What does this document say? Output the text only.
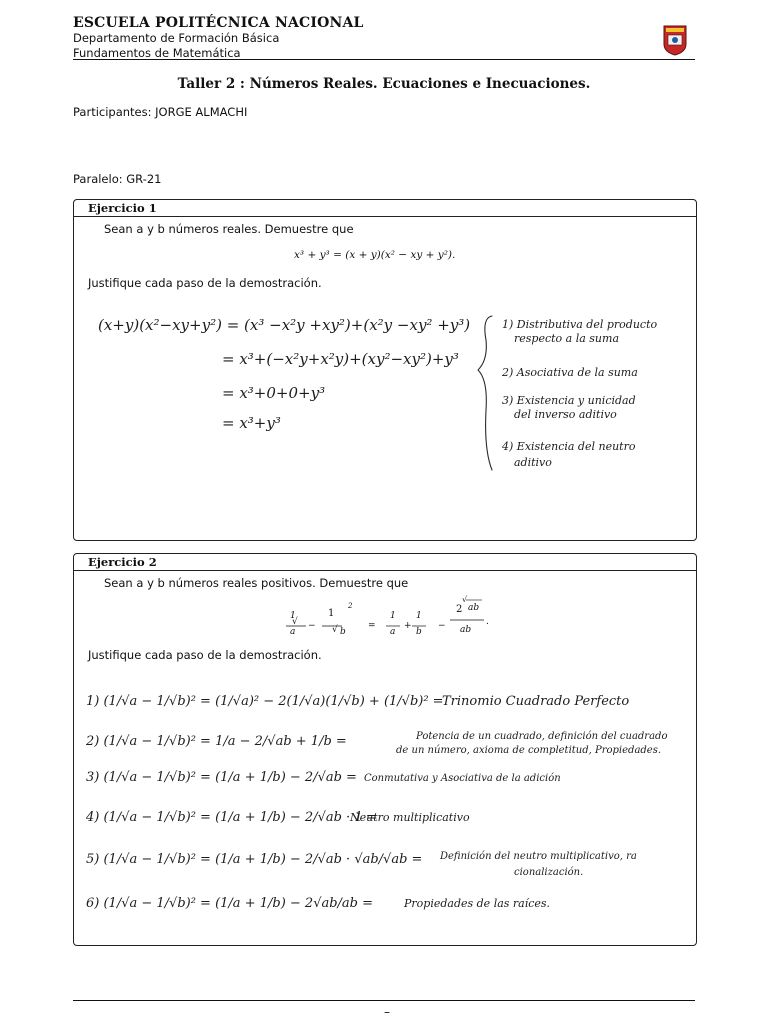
ESCUELA POLITÉCNICA NACIONAL
Departamento de Formación Básica
Fundamentos de Matemática
Taller 2 : Números Reales. Ecuaciones e Inecuaciones.
Participantes: JORGE ALMACHI
Paralelo: GR-21
Ejercicio 1
Sean a y b números reales. Demuestre que
x³ + y³ = (x + y)(x² − xy + y²).
Justifique cada paso de la demostración.
(x+y)(x²−xy+y²) = (x³ −x²y +xy²)+(x²y −xy² +y³)
= x³+(−x²y+x²y)+(xy²−xy²)+y³
= x³+0+0+y³
= x³+y³
1) Distributiva del producto
respecto a la suma
2) Asociativa de la suma
3) Existencia y unicidad
del inverso aditivo
4) Existencia del neutro
aditivo
Ejercicio 2
Sean a y b números reales positivos. Demuestre que
1
√
a
−
1
√ b
2
=
1
a
+
1
b
−
2
√
ab
ab
.
Justifique cada paso de la demostración.
1) (1/√a − 1/√b)² = (1/√a)² − 2(1/√a)(1/√b) + (1/√b)² =
2) (1/√a − 1/√b)² = 1/a − 2/√ab + 1/b =
3) (1/√a − 1/√b)² = (1/a + 1/b) − 2/√ab =
4) (1/√a − 1/√b)² = (1/a + 1/b) − 2/√ab · 1 =
5) (1/√a − 1/√b)² = (1/a + 1/b) − 2/√ab · √ab/√ab =
6) (1/√a − 1/√b)² = (1/a + 1/b) − 2√ab/ab =
Trinomio Cuadrado Perfecto
Potencia de un cuadrado, definición del cuadrado
de un número, axioma de completitud, Propiedades.
Conmutativa y Asociativa de la adición
Neutro multiplicativo
Definición del neutro multiplicativo, ra
cionalización.
Propiedades de las raíces.
–
